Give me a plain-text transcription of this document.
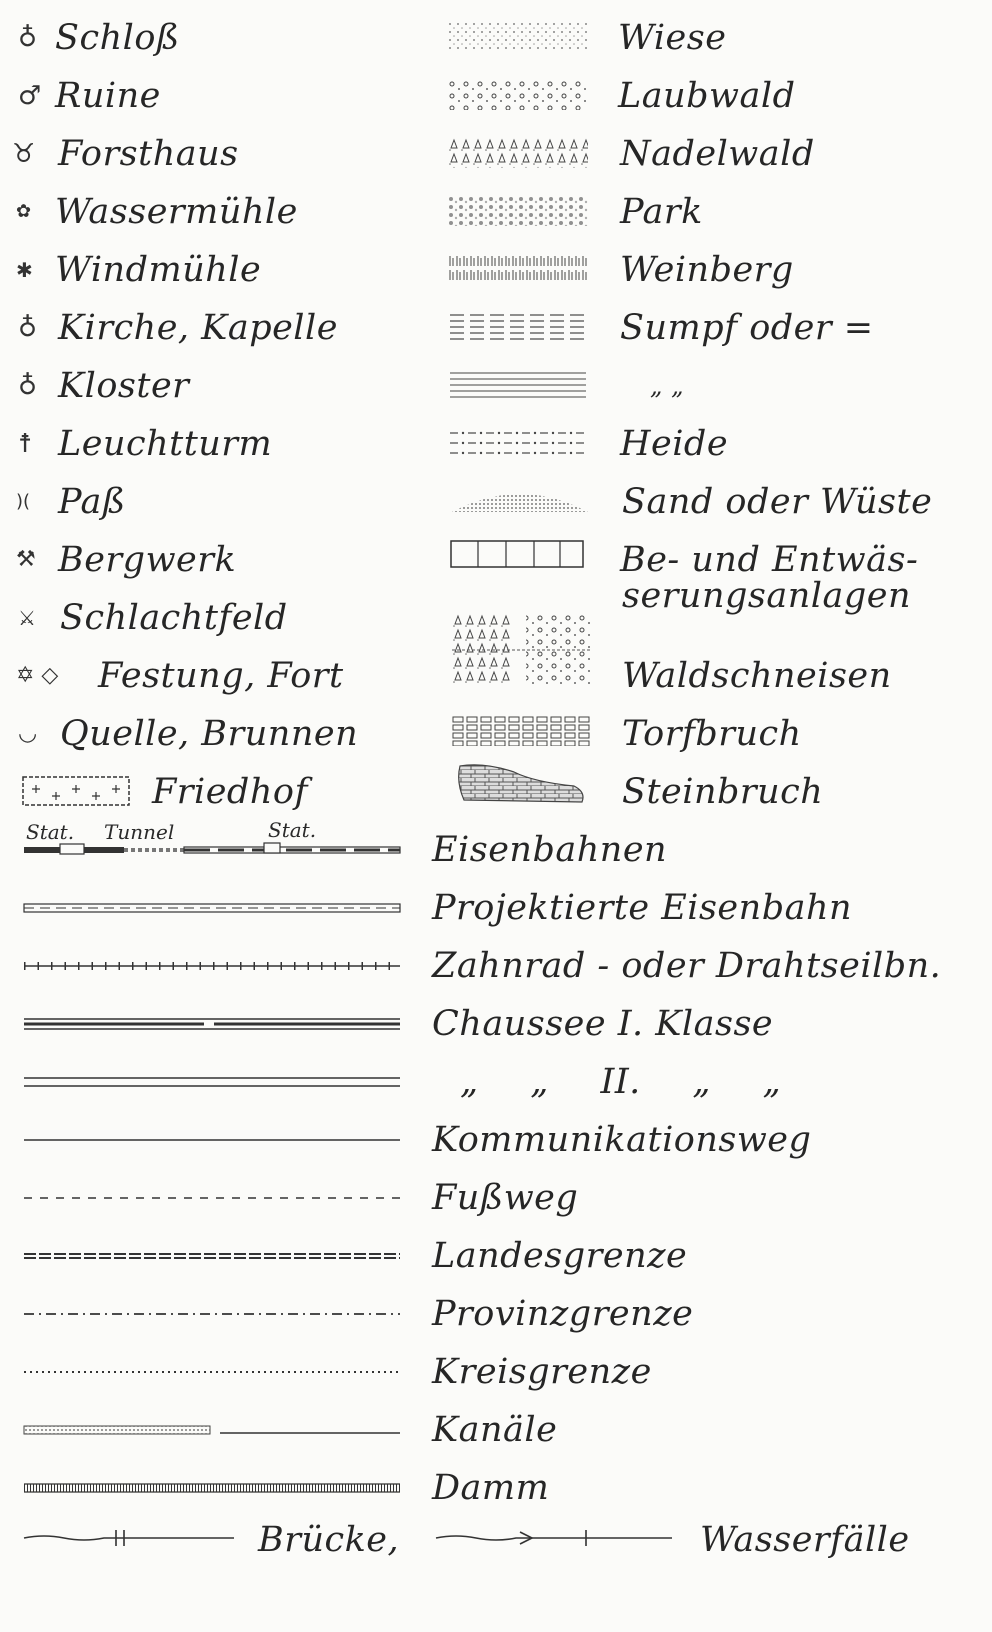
♁ Schloß
♂ Ruine
♉ Forsthaus
✿ Wassermühle
✱ Windmühle
♁ Kirche, Kapelle
♁ Kloster
☨ Leuchtturm
)( Paß
⚒ Bergwerk
⚔ Schlachtfeld
✡ ◇ Festung, Fort
◡ Quelle, Brunnen
Friedhof
Wiese
Laubwald
Nadelwald
Park
Weinberg
Sumpf oder =
„ „
Heide
Sand oder Wüste
Be- und Entwäs-
serungsanlagen
Waldschneisen
Torfbruch
Steinbruch
Stat. Tunnel	Stat.	Eisenbahnen
Projektierte Eisenbahn
Zahnrad - oder Drahtseilbn.
Chaussee I. Klasse
„ „ II. „ „
Kommunikationsweg
Fußweg
Landesgrenze
Provinzgrenze
Kreisgrenze
Kanäle
Damm
Brücke,	Wasserfälle
